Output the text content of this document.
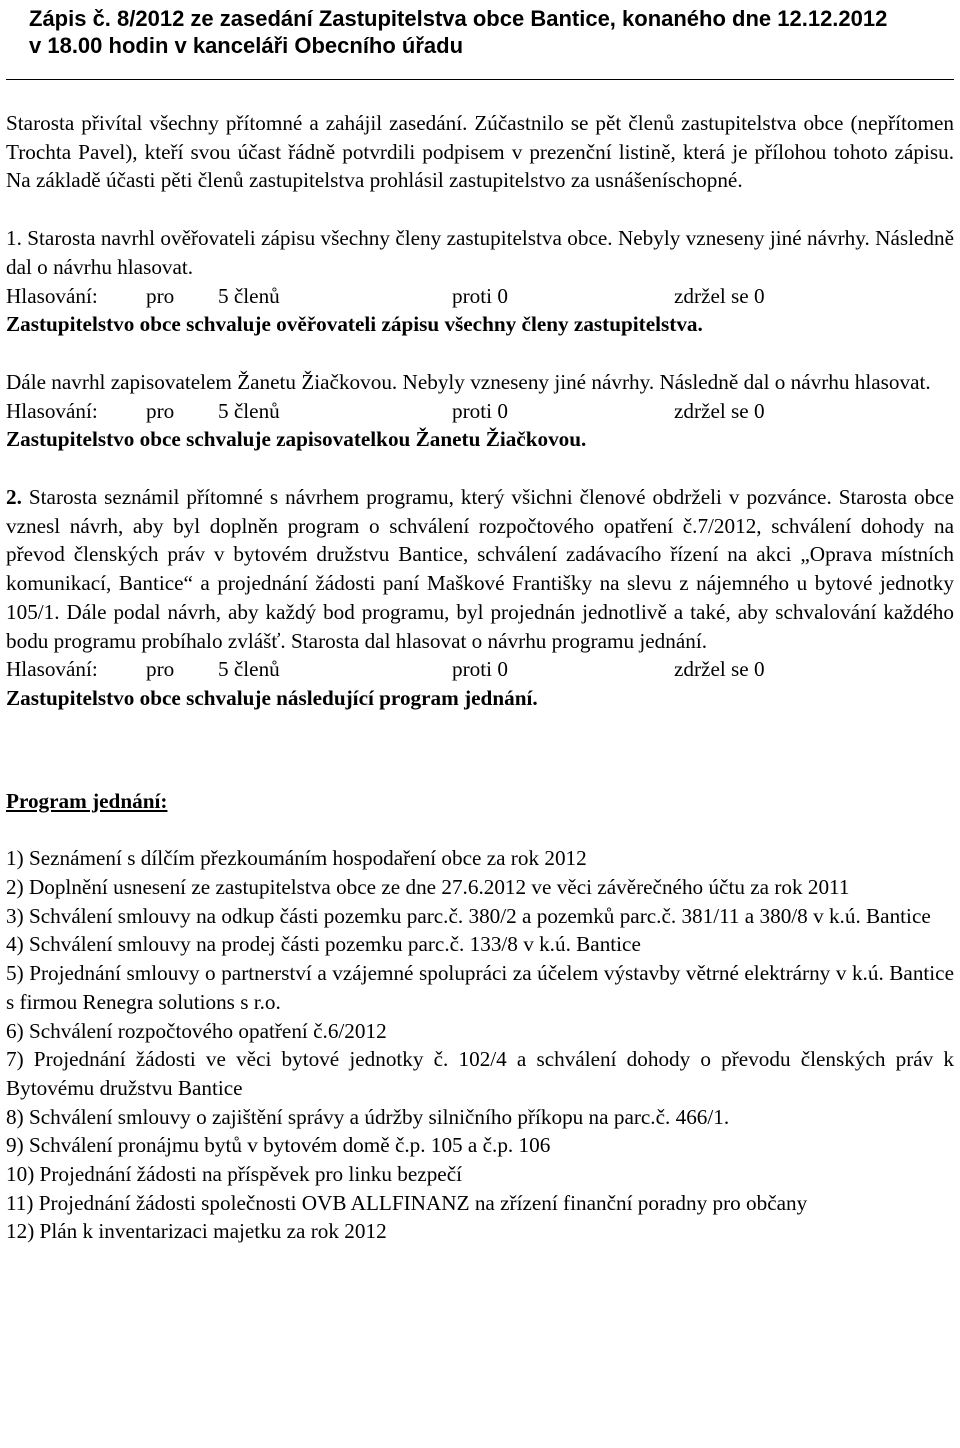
Zápis č. 8/2012 ze zasedání Zastupitelstva obce Bantice, konaného dne 12.12.2012
v 18.00 hodin v kanceláři Obecního úřadu

Starosta přivítal všechny přítomné a zahájil zasedání. Zúčastnilo se pět členů zastupitelstva obce (nepřítomen Trochta Pavel), kteří svou účast řádně potvrdili podpisem v prezenční listině, která je přílohou tohoto zápisu. Na základě účasti pěti členů zastupitelstva prohlásil zastupitelstvo za usnášeníschopné.

1. Starosta navrhl ověřovateli zápisu všechny členy zastupitelstva obce. Nebyly vzneseny jiné návrhy. Následně dal o návrhu hlasovat.

Hlasování: pro 5 členů	proti 0	zdržel se 0

Zastupitelstvo obce schvaluje ověřovateli zápisu všechny členy zastupitelstva.

Dále navrhl zapisovatelem Žanetu Žiačkovou. Nebyly vzneseny jiné návrhy. Následně dal o návrhu hlasovat.

Hlasování: pro 5 členů	proti 0	zdržel se 0

Zastupitelstvo obce schvaluje zapisovatelkou Žanetu Žiačkovou.

2. Starosta seznámil přítomné s návrhem programu, který všichni členové obdrželi v pozvánce. Starosta obce vznesl návrh, aby byl doplněn program o schválení rozpočtového opatření č.7/2012, schválení dohody na převod členských práv v bytovém družstvu Bantice, schválení zadávacího řízení na akci „Oprava místních komunikací, Bantice“ a projednání žádosti paní Maškové Františky na slevu z nájemného u bytové jednotky 105/1. Dále podal návrh, aby každý bod programu, byl projednán jednotlivě a také, aby schvalování každého bodu programu probíhalo zvlášť. Starosta dal hlasovat o návrhu programu jednání.

Hlasování: pro 5 členů	proti 0	zdržel se 0

Zastupitelstvo obce schvaluje následující program jednání.

Program jednání:

1) Seznámení s dílčím přezkoumáním hospodaření obce za rok 2012
2) Doplnění usnesení ze zastupitelstva obce ze dne 27.6.2012 ve věci závěrečného účtu za rok 2011
3) Schválení smlouvy na odkup části pozemku parc.č. 380/2 a pozemků parc.č. 381/11 a 380/8 v k.ú. Bantice
4) Schválení smlouvy na prodej části pozemku parc.č. 133/8 v k.ú. Bantice
5) Projednání smlouvy o partnerství a vzájemné spolupráci za účelem výstavby větrné elektrárny v k.ú. Bantice s firmou Renegra solutions s r.o.
6) Schválení rozpočtového opatření č.6/2012
7) Projednání žádosti ve věci bytové jednotky č. 102/4 a schválení dohody o převodu členských práv k Bytovému družstvu Bantice
8) Schválení smlouvy o zajištění správy a údržby silničního příkopu na parc.č. 466/1.
9) Schválení pronájmu bytů v bytovém domě č.p. 105 a č.p. 106
10) Projednání žádosti na příspěvek pro linku bezpečí
11) Projednání žádosti společnosti OVB ALLFINANZ na zřízení finanční poradny pro občany
12) Plán k inventarizaci majetku za rok 2012
